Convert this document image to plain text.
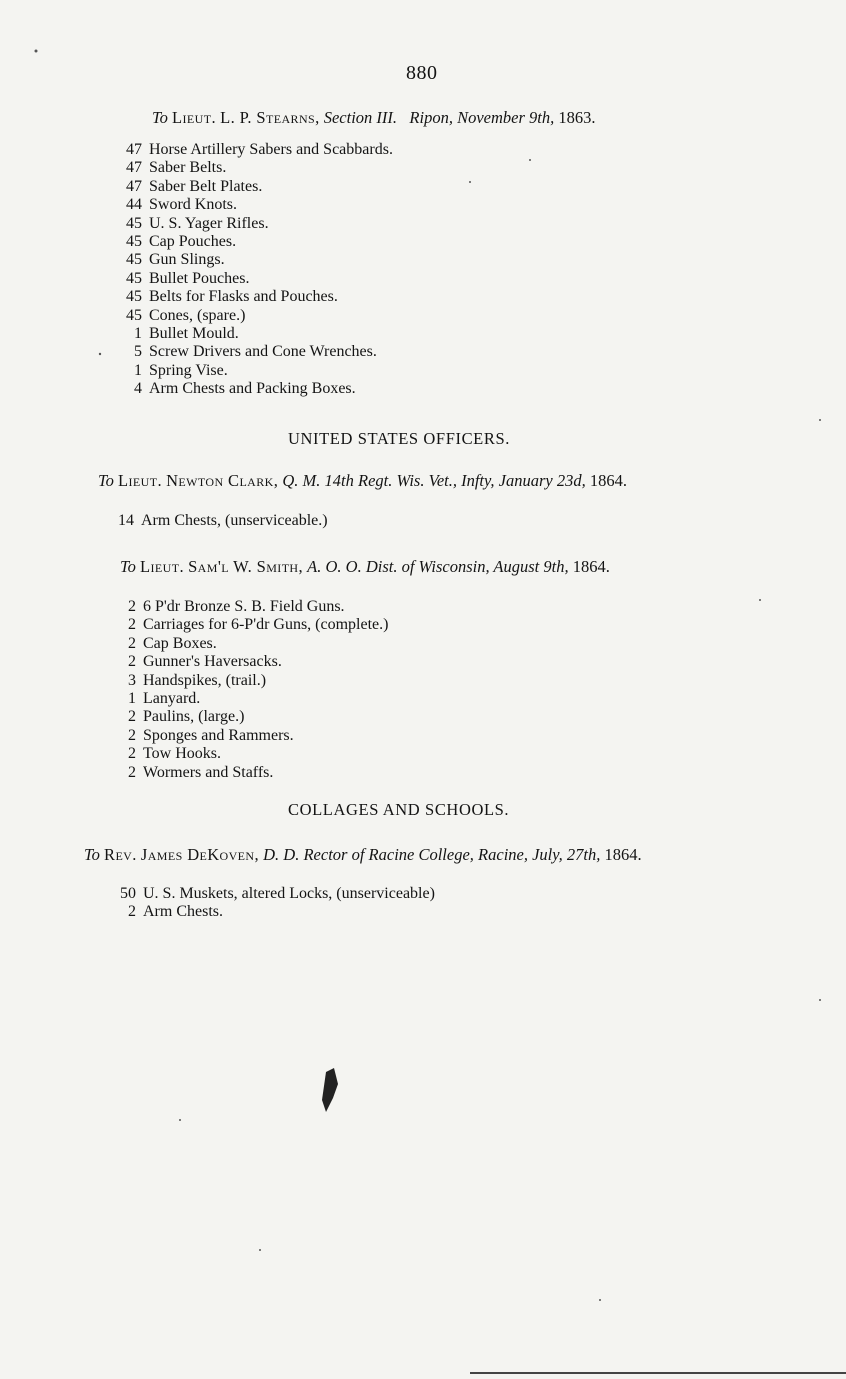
880
To Lieut. L. P. Stearns, Section III. Ripon, November 9th, 1863.
47 Horse Artillery Sabers and Scabbards.
47 Saber Belts.
47 Saber Belt Plates.
44 Sword Knots.
45 U. S. Yager Rifles.
45 Cap Pouches.
45 Gun Slings.
45 Bullet Pouches.
45 Belts for Flasks and Pouches.
45 Cones, (spare.)
1 Bullet Mould.
5 Screw Drivers and Cone Wrenches.
1 Spring Vise.
4 Arm Chests and Packing Boxes.
UNITED STATES OFFICERS.
To Lieut. Newton Clark, Q. M. 14th Regt. Wis. Vet., Infty, January 23d, 1864.
14 Arm Chests, (unserviceable.)
To Lieut. Sam'l W. Smith, A. O. O. Dist. of Wisconsin, August 9th, 1864.
2 6 P'dr Bronze S. B. Field Guns.
2 Carriages for 6-P'dr Guns, (complete.)
2 Cap Boxes.
2 Gunner's Haversacks.
3 Handspikes, (trail.)
1 Lanyard.
2 Paulins, (large.)
2 Sponges and Rammers.
2 Tow Hooks.
2 Wormers and Staffs.
COLLAGES AND SCHOOLS.
To Rev. James DeKoven, D. D. Rector of Racine College, Racine, July, 27th, 1864.
50 U. S. Muskets, altered Locks, (unserviceable)
2 Arm Chests.
